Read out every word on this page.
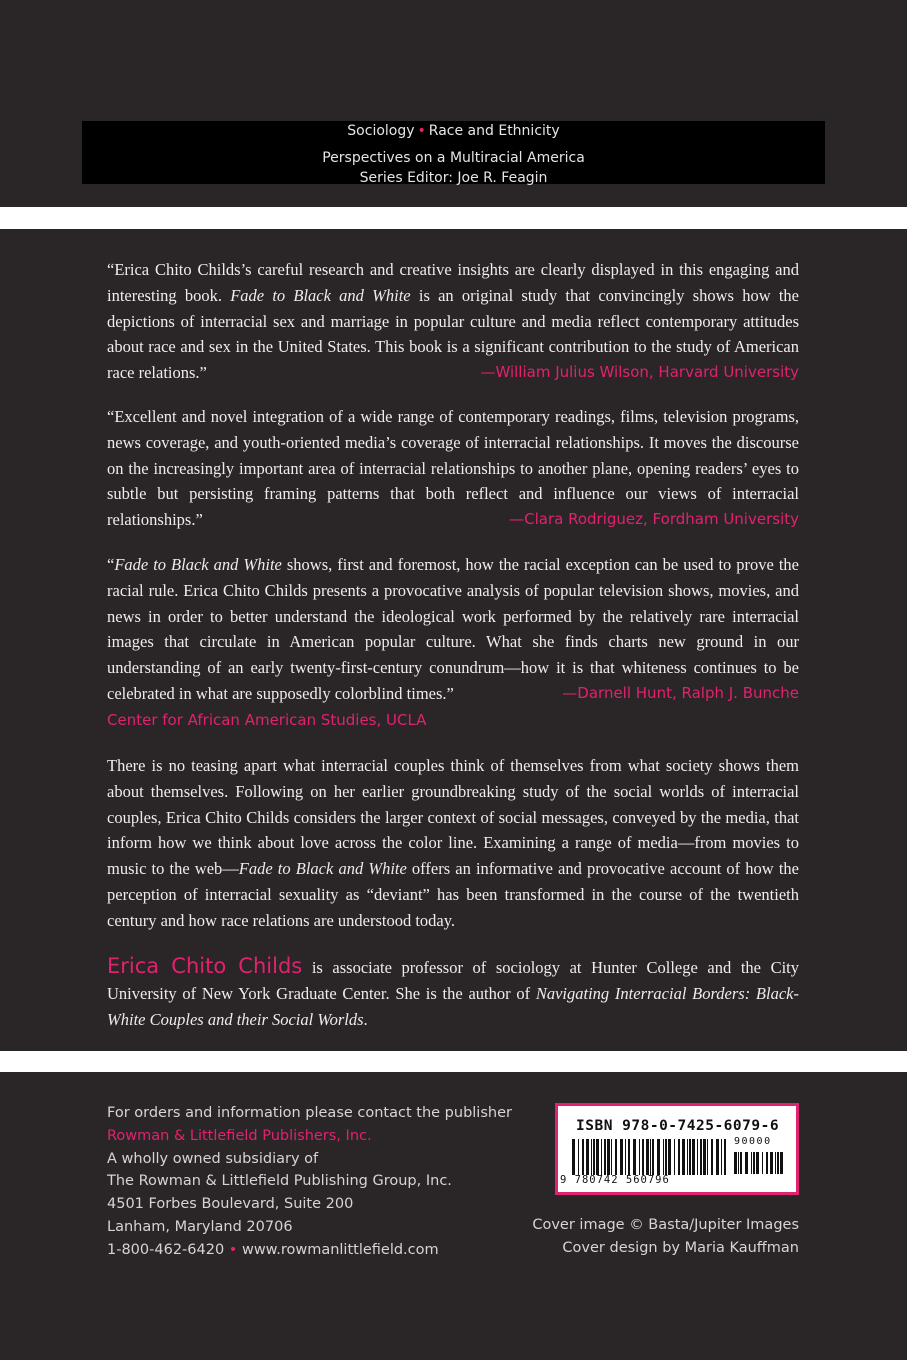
Sociology • Race and Ethnicity
Perspectives on a Multiracial America
Series Editor: Joe R. Feagin
“Erica Chito Childs’s careful research and creative insights are clearly displayed in this engaging and interesting book. Fade to Black and White is an original study that convincingly shows how the depictions of interracial sex and marriage in popular culture and media reflect contemporary attitudes about race and sex in the United States. This book is a significant contribution to the study of American race relations.”	—William Julius Wilson, Harvard University
“Excellent and novel integration of a wide range of contemporary readings, films, television programs, news coverage, and youth-oriented media’s coverage of interracial relationships. It moves the discourse on the increasingly important area of interracial relationships to another plane, opening readers’ eyes to subtle but persisting framing patterns that both reflect and influence our views of interracial relationships.”	—Clara Rodriguez, Fordham University
“Fade to Black and White shows, first and foremost, how the racial exception can be used to prove the racial rule. Erica Chito Childs presents a provocative analysis of popular television shows, movies, and news in order to better understand the ideological work performed by the relatively rare interracial images that circulate in American popular culture. What she finds charts new ground in our understanding of an early twenty-first-century conundrum—how it is that whiteness continues to be celebrated in what are supposedly colorblind times.”	—Darnell Hunt, Ralph J. Bunche
Center for African American Studies, UCLA
There is no teasing apart what interracial couples think of themselves from what society shows them about themselves. Following on her earlier groundbreaking study of the social worlds of interracial couples, Erica Chito Childs considers the larger context of social messages, conveyed by the media, that inform how we think about love across the color line. Examining a range of media—from movies to music to the web—Fade to Black and White offers an informative and provocative account of how the perception of interracial sexuality as “deviant” has been transformed in the course of the twentieth century and how race relations are understood today.
Erica Chito Childs is associate professor of sociology at Hunter College and the City University of New York Graduate Center. She is the author of Navigating Interracial Borders: Black-White Couples and their Social Worlds.
For orders and information please contact the publisher
Rowman & Littlefield Publishers, Inc.
A wholly owned subsidiary of
The Rowman & Littlefield Publishing Group, Inc.
4501 Forbes Boulevard, Suite 200
Lanham, Maryland 20706
1-800-462-6420 • www.rowmanlittlefield.com
ISBN 978-0-7425-6079-6
9 780742 560796
90000
Cover image © Basta/Jupiter Images
Cover design by Maria Kauffman
